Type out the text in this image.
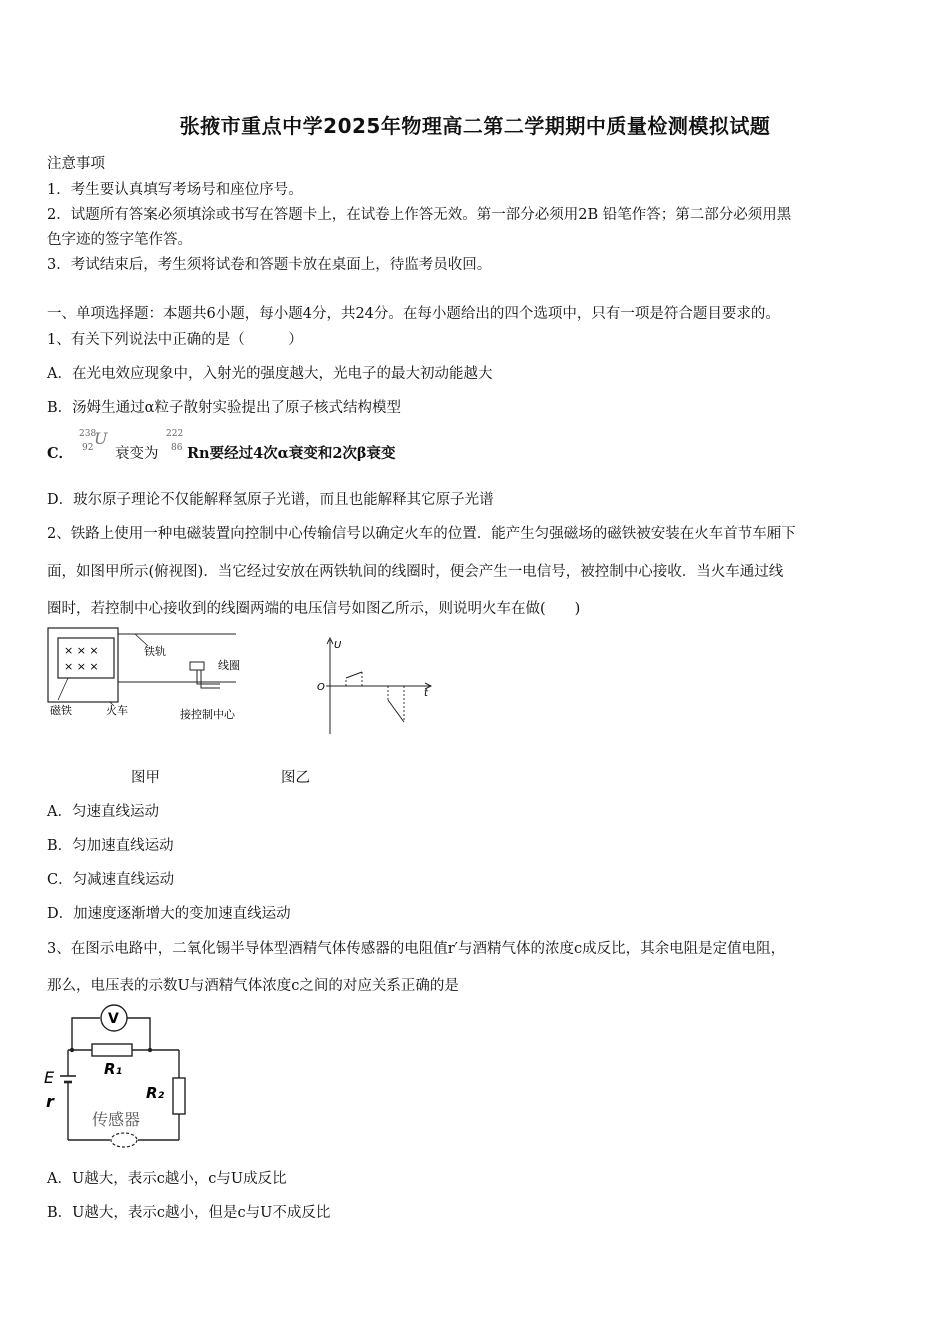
张掖市重点中学2025年物理高二第二学期期中质量检测模拟试题
注意事项
1．考生要认真填写考场号和座位序号。
2．试题所有答案必须填涂或书写在答题卡上，在试卷上作答无效。第一部分必须用2B 铅笔作答；第二部分必须用黑
色字迹的签字笔作答。
3．考试结束后，考生须将试卷和答题卡放在桌面上，待监考员收回。
一、单项选择题：本题共6小题，每小题4分，共24分。在每小题给出的四个选项中，只有一项是符合题目要求的。
1、有关下列说法中正确的是（　　　）
A．在光电效应现象中，入射光的强度越大，光电子的最大初动能越大
B．汤姆生通过α粒子散射实验提出了原子核式结构模型
C．
238
92 U
衰变为
222
86 Rn要经过4次α衰变和2次β衰变
D．玻尔原子理论不仅能解释氢原子光谱，而且也能解释其它原子光谱
2、铁路上使用一种电磁装置向控制中心传输信号以确定火车的位置．能产生匀强磁场的磁铁被安装在火车首节车厢下
面，如图甲所示(俯视图)．当它经过安放在两铁轨间的线圈时，便会产生一电信号，被控制中心接收．当火车通过线
圈时，若控制中心接收到的线圈两端的电压信号如图乙所示，则说明火车在做(　　)
× × ×
× × ×
铁轨
线圈
磁铁	火车	接控制中心
U
O
t
图甲	图乙
A．匀速直线运动
B．匀加速直线运动
C．匀减速直线运动
D．加速度逐渐增大的变加速直线运动
3、在图示电路中，二氧化锡半导体型酒精气体传感器的电阻值r′与酒精气体的浓度c成反比，其余电阻是定值电阻，
那么，电压表的示数U与酒精气体浓度c之间的对应关系正确的是
V
R₁
R₂
E
r
传感器
A．U越大，表示c越小，c与U成反比
B．U越大，表示c越小，但是c与U不成反比
